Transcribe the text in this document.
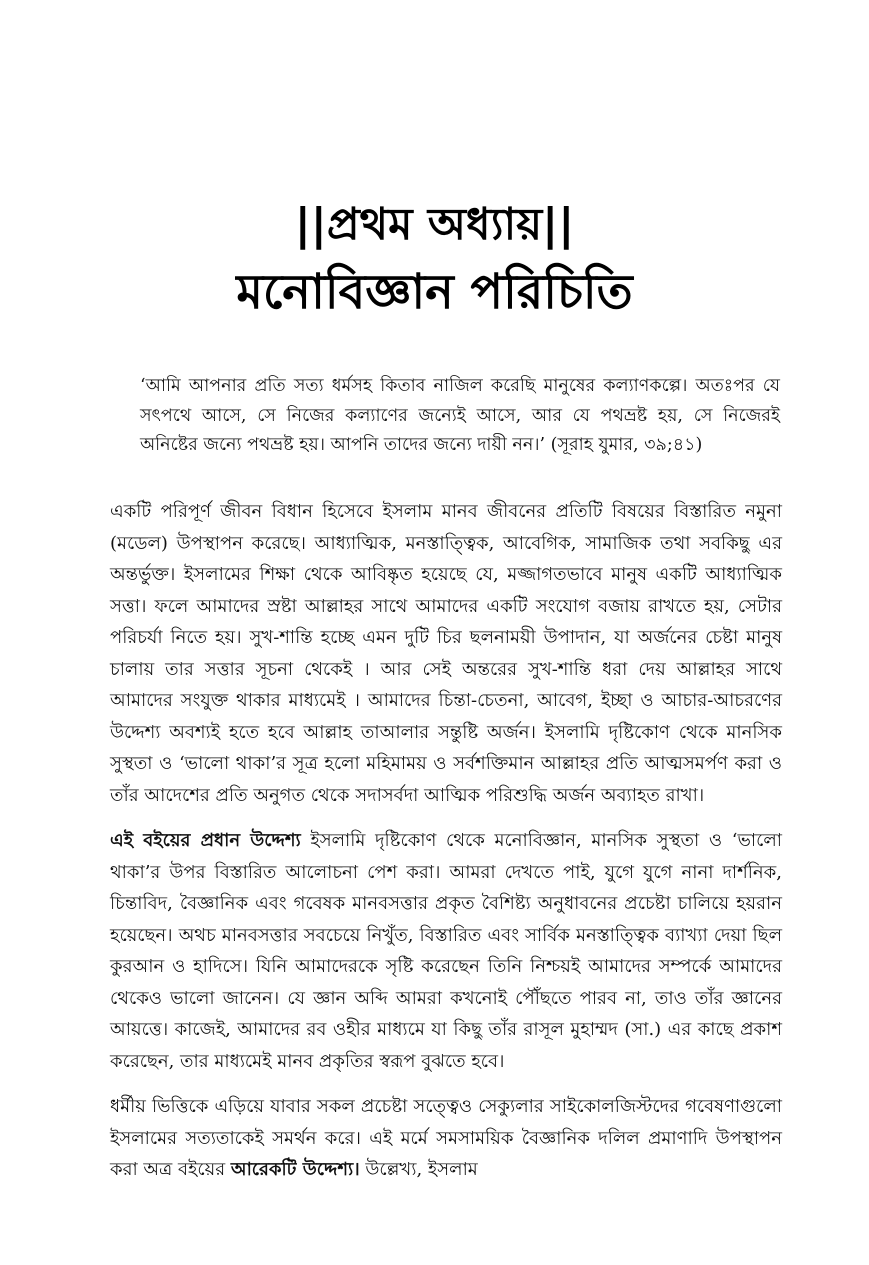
||প্রথম অধ্যায়||
মনোবিজ্ঞান পরিচিতি
‘আমি আপনার প্রতি সত্য ধর্মসহ কিতাব নাজিল করেছি মানুষের কল্যাণকল্পে। অতঃপর যে সৎপথে আসে, সে নিজের কল্যাণের জন্যেই আসে, আর যে পথভ্রষ্ট হয়, সে নিজেরই অনিষ্টের জন্যে পথভ্রষ্ট হয়। আপনি তাদের জন্যে দায়ী নন।’ (সূরাহ যুমার, ৩৯;৪১)

একটি পরিপূর্ণ জীবন বিধান হিসেবে ইসলাম মানব জীবনের প্রতিটি বিষয়ের বিস্তারিত নমুনা (মডেল) উপস্থাপন করেছে। আধ্যাত্মিক, মনস্তাত্ত্বিক, আবেগিক, সামাজিক তথা সবকিছু এর অন্তর্ভুক্ত। ইসলামের শিক্ষা থেকে আবিষ্কৃত হয়েছে যে, মজ্জাগতভাবে মানুষ একটি আধ্যাত্মিক সত্তা। ফলে আমাদের স্রষ্টা আল্লাহর সাথে আমাদের একটি সংযোগ বজায় রাখতে হয়, সেটার পরিচর্যা নিতে হয়। সুখ-শান্তি হচ্ছে এমন দুটি চির ছলনাময়ী উপাদান, যা অর্জনের চেষ্টা মানুষ চালায় তার সত্তার সূচনা থেকেই । আর সেই অন্তরের সুখ-শান্তি ধরা দেয় আল্লাহর সাথে আমাদের সংযুক্ত থাকার মাধ্যমেই । আমাদের চিন্তা-চেতনা, আবেগ, ইচ্ছা ও আচার-আচরণের উদ্দেশ্য অবশ্যই হতে হবে আল্লাহ তাআলার সন্তুষ্টি অর্জন। ইসলামি দৃষ্টিকোণ থেকে মানসিক সুস্থতা ও ‘ভালো থাকা’র সূত্র হলো মহিমাময় ও সর্বশক্তিমান আল্লাহর প্রতি আত্মসমর্পণ করা ও তাঁর আদেশের প্রতি অনুগত থেকে সদাসর্বদা আত্মিক পরিশুদ্ধি অর্জন অব্যাহত রাখা।

এই বইয়ের প্রধান উদ্দেশ্য ইসলামি দৃষ্টিকোণ থেকে মনোবিজ্ঞান, মানসিক সুস্থতা ও ‘ভালো থাকা’র উপর বিস্তারিত আলোচনা পেশ করা। আমরা দেখতে পাই, যুগে যুগে নানা দার্শনিক, চিন্তাবিদ, বৈজ্ঞানিক এবং গবেষক মানবসত্তার প্রকৃত বৈশিষ্ট্য অনুধাবনের প্রচেষ্টা চালিয়ে হয়রান হয়েছেন। অথচ মানবসত্তার সবচেয়ে নিখুঁত, বিস্তারিত এবং সার্বিক মনস্তাত্ত্বিক ব্যাখ্যা দেয়া ছিল কুরআন ও হাদিসে। যিনি আমাদেরকে সৃষ্টি করেছেন তিনি নিশ্চয়ই আমাদের সম্পর্কে আমাদের থেকেও ভালো জানেন। যে জ্ঞান অব্দি আমরা কখনোই পৌঁছতে পারব না, তাও তাঁর জ্ঞানের আয়ত্তে। কাজেই, আমাদের রব ওহীর মাধ্যমে যা কিছু তাঁর রাসূল মুহাম্মদ (সা.) এর কাছে প্রকাশ করেছেন, তার মাধ্যমেই মানব প্রকৃতির স্বরূপ বুঝতে হবে।

ধর্মীয় ভিত্তিকে এড়িয়ে যাবার সকল প্রচেষ্টা সত্ত্বেও সেক্যুলার সাইকোলজিস্টদের গবেষণাগুলো ইসলামের সত্যতাকেই সমর্থন করে। এই মর্মে সমসাময়িক বৈজ্ঞানিক দলিল প্রমাণাদি উপস্থাপন করা অত্র বইয়ের আরেকটি উদ্দেশ্য। উল্লেখ্য, ইসলাম
